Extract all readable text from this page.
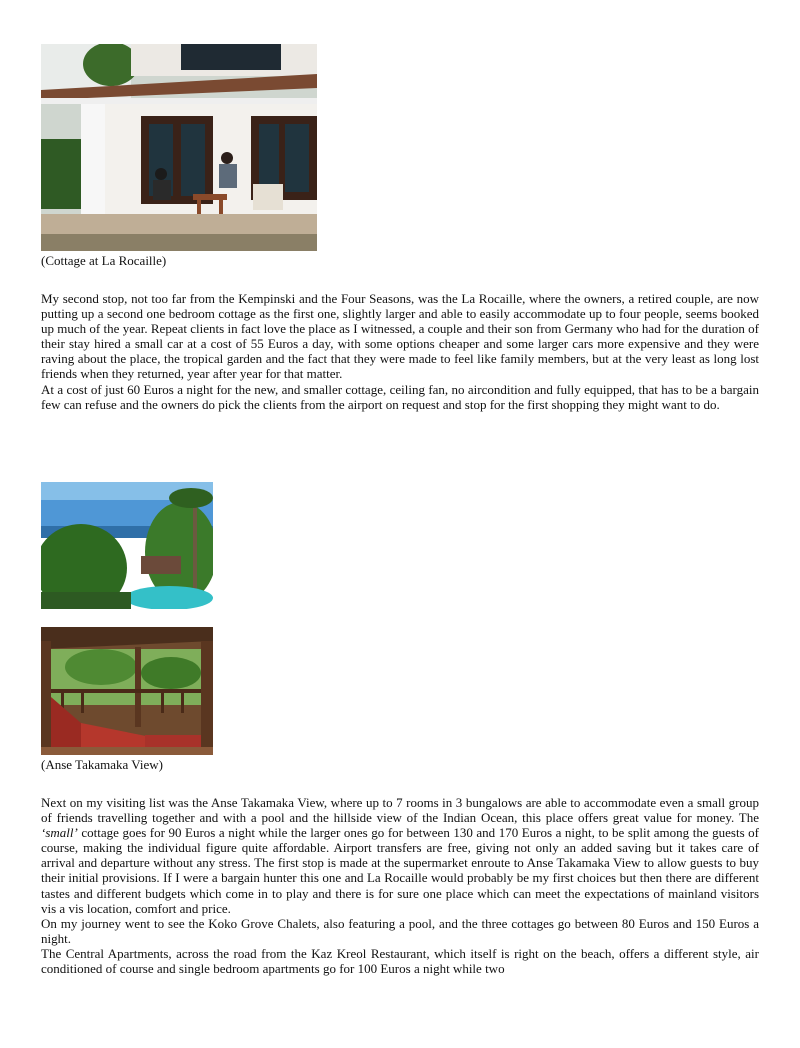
(Cottage at La Rocaille)

My second stop, not too far from the Kempinski and the Four Seasons, was the La Rocaille, where the owners, a retired couple, are now putting up a second one bedroom cottage as the first one, slightly larger and able to easily accommodate up to four people, seems booked up much of the year. Repeat clients in fact love the place as I witnessed, a couple and their son from Germany who had for the duration of their stay hired a small car at a cost of 55 Euros a day, with some options cheaper and some larger cars more expensive and they were raving about the place, the tropical garden and the fact that they were made to feel like family members, but at the very least as long lost friends when they returned, year after year for that matter.

At a cost of just 60 Euros a night for the new, and smaller cottage, ceiling fan, no aircondition and fully equipped, that has to be a bargain few can refuse and the owners do pick the clients from the airport on request and stop for the first shopping they might want to do.

(Anse Takamaka View)

Next on my visiting list was the Anse Takamaka View, where up to 7 rooms in 3 bungalows are able to accommodate even a small group of friends travelling together and with a pool and the hillside view of the Indian Ocean, this place offers great value for money. The ‘small’ cottage goes for 90 Euros a night while the larger ones go for between 130 and 170 Euros a night, to be split among the guests of course, making the individual figure quite affordable. Airport transfers are free, giving not only an added saving but it takes care of arrival and departure without any stress. The first stop is made at the supermarket enroute to Anse Takamaka View to allow guests to buy their initial provisions. If I were a bargain hunter this one and La Rocaille would probably be my first choices but then there are different tastes and different budgets which come in to play and there is for sure one place which can meet the expectations of mainland visitors vis a vis location, comfort and price.

On my journey went to see the Koko Grove Chalets, also featuring a pool, and the three cottages go between 80 Euros and 150 Euros a night.

The Central Apartments, across the road from the Kaz Kreol Restaurant, which itself is right on the beach, offers a different style, air conditioned of course and single bedroom apartments go for 100 Euros a night while two
